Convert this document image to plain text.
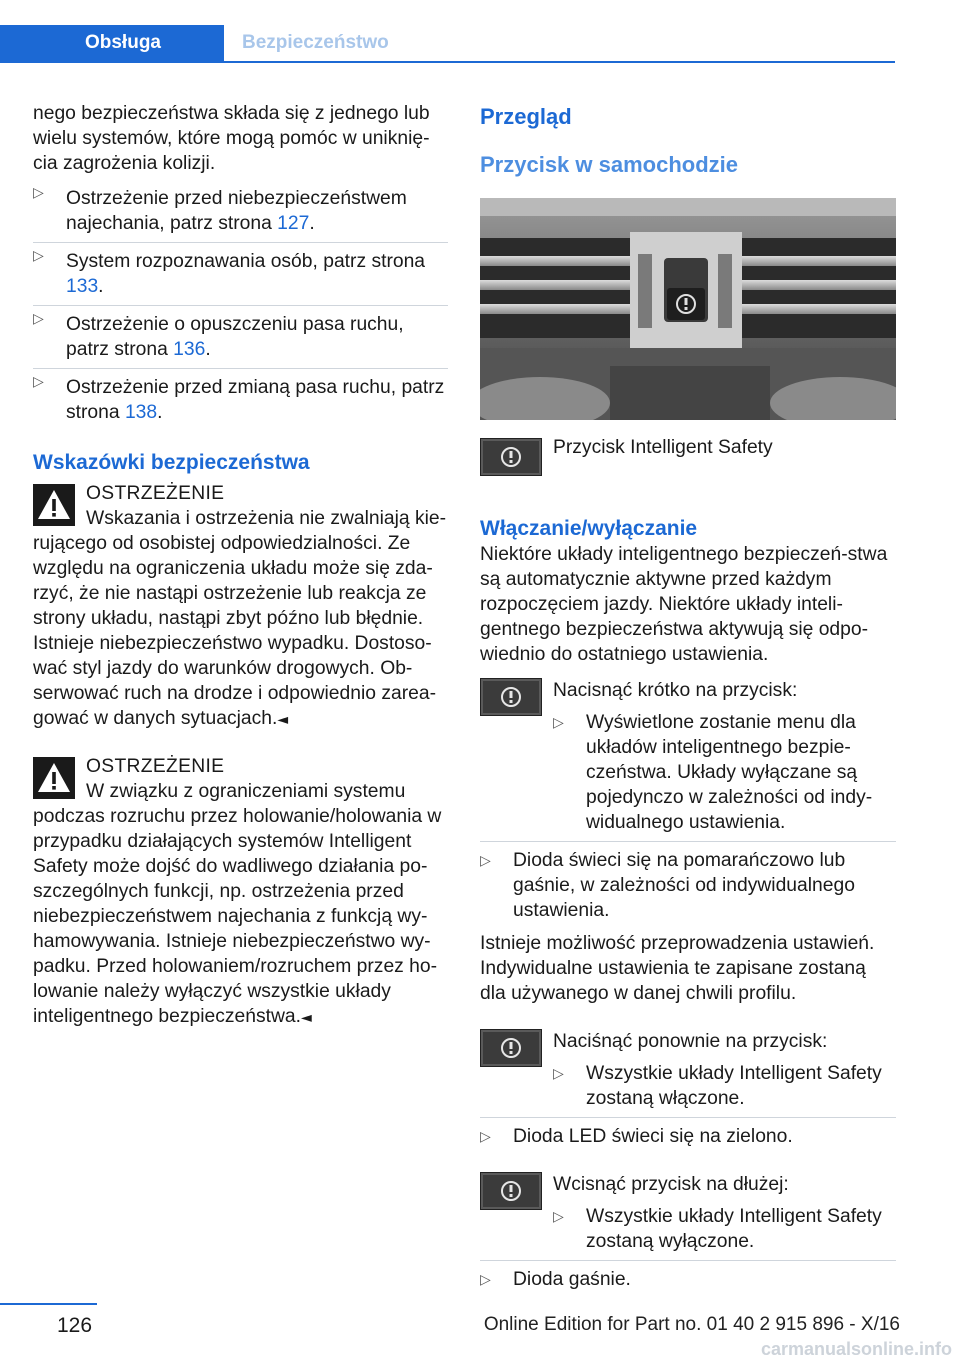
Obsługa	Bezpieczeństwo

nego bezpieczeństwa składa się z jednego lub wielu systemów, które mogą pomóc w uniknię‐cia zagrożenia kolizji.

▷ Ostrzeżenie przed niebezpieczeństwem najechania, patrz strona 127.
▷ System rozpoznawania osób, patrz strona 133.
▷ Ostrzeżenie o opuszczeniu pasa ruchu, patrz strona 136.
▷ Ostrzeżenie przed zmianą pasa ruchu, patrz strona 138.

Wskazówki bezpieczeństwa

OSTRZEŻENIE

Wskazania i ostrzeżenia nie zwalniają kie‐rującego od osobistej odpowiedzialności. Ze względu na ograniczenia układu może się zda‐rzyć, że nie nastąpi ostrzeżenie lub reakcja ze strony układu, nastąpi zbyt późno lub błędnie. Istnieje niebezpieczeństwo wypadku. Dostoso‐wać styl jazdy do warunków drogowych. Ob‐serwować ruch na drodze i odpowiednio zarea‐gować w danych sytuacjach.◄

OSTRZEŻENIE

W związku z ograniczeniami systemu podczas rozruchu przez holowanie/holowania w przypadku działających systemów Intelligent Safety może dojść do wadliwego działania po‐szczególnych funkcji, np. ostrzeżenia przed niebezpieczeństwem najechania z funkcją wy‐hamowywania. Istnieje niebezpieczeństwo wy‐padku. Przed holowaniem/rozruchem przez ho‐lowanie należy wyłączyć wszystkie układy inteligentnego bezpieczeństwa.◄

Przegląd

Przycisk w samochodzie

Przycisk Intelligent Safety

Włączanie/wyłączanie

Niektóre układy inteligentnego bezpieczeń‐stwa są automatycznie aktywne przed każdym rozpoczęciem jazdy. Niektóre układy inteli‐gentnego bezpieczeństwa aktywują się odpo‐wiednio do ostatniego ustawienia.

Nacisnąć krótko na przycisk:

▷ Wyświetlone zostanie menu dla układów inteligentnego bezpie‐czeństwa. Układy wyłączane są pojedynczo w zależności od indy‐widualnego ustawienia.
▷ Dioda świeci się na pomarańczowo lub gaśnie, w zależności od indywidualnego ustawienia.

Istnieje możliwość przeprowadzenia ustawień. Indywidualne ustawienia te zapisane zostaną dla używanego w danej chwili profilu.

Naciśnąć ponownie na przycisk:

▷ Wszystkie układy Intelligent Safety zostaną włączone.
▷ Dioda LED świeci się na zielono.

Wcisnąć przycisk na dłużej:

▷ Wszystkie układy Intelligent Safety zostaną wyłączone.
▷ Dioda gaśnie.
126	Online Edition for Part no. 01 40 2 915 896 - X/16
carmanualsonline.info
